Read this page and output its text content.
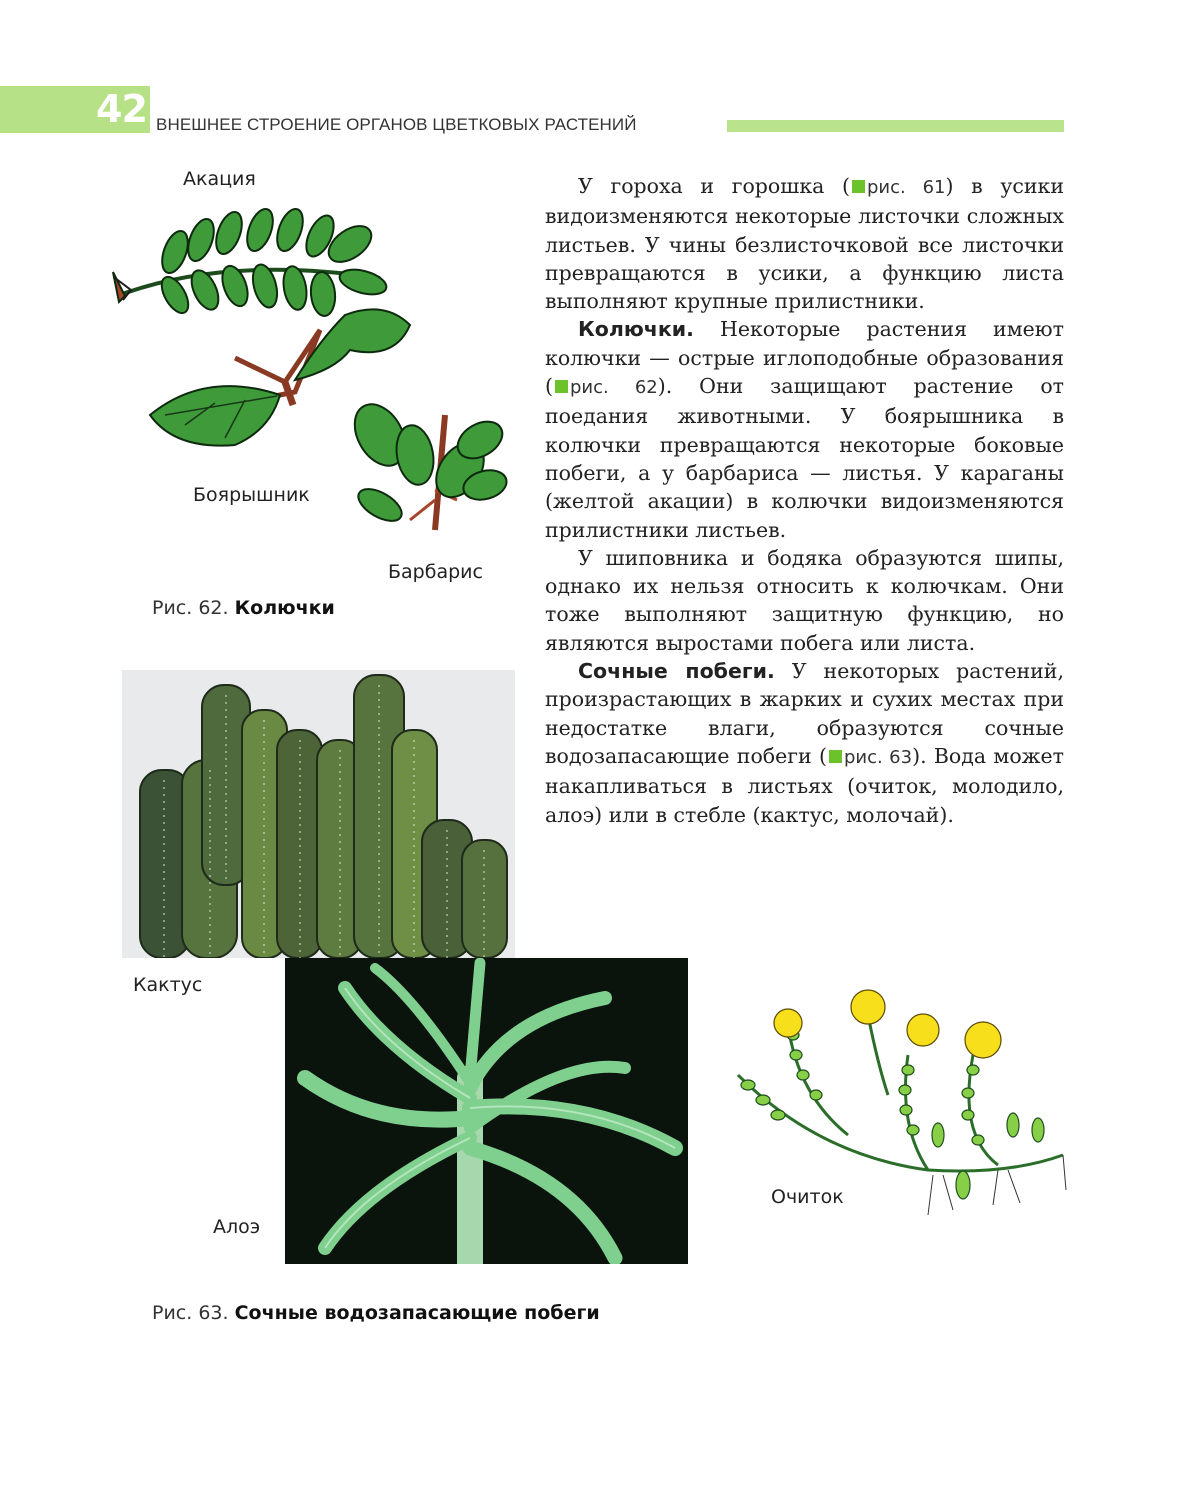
42 ВНЕШНЕЕ СТРОЕНИЕ ОРГАНОВ ЦВЕТКОВЫХ РАСТЕНИЙ
Акация
Боярышник
Барбарис
Рис. 62. Колючки

У гороха и горошка ( рис. 61) в усики видоизменяются некоторые листочки сложных листьев. У чины безлисточковой все листочки превращаются в усики, а функцию листа выполняют крупные прилистники.

Колючки. Некоторые растения имеют колючки — острые иглоподобные образования ( рис. 62). Они защищают растение от поедания животными. У боярышника в колючки превращаются некоторые боковые побеги, а у барбариса — листья. У караганы (желтой акации) в колючки видоизменяются прилистники листьев.

У шиповника и бодяка образуются шипы, однако их нельзя относить к колючкам. Они тоже выполняют защитную функцию, но являются выростами побега или листа.

Сочные побеги. У некоторых растений, произрастающих в жарких и сухих местах при недостатке влаги, образуются сочные водозапасающие побеги ( рис. 63). Вода может накапливаться в листьях (очиток, молодило, алоэ) или в стебле (кактус, молочай).

Кактус
Алоэ
Очиток
Рис. 63. Сочные водозапасающие побеги
